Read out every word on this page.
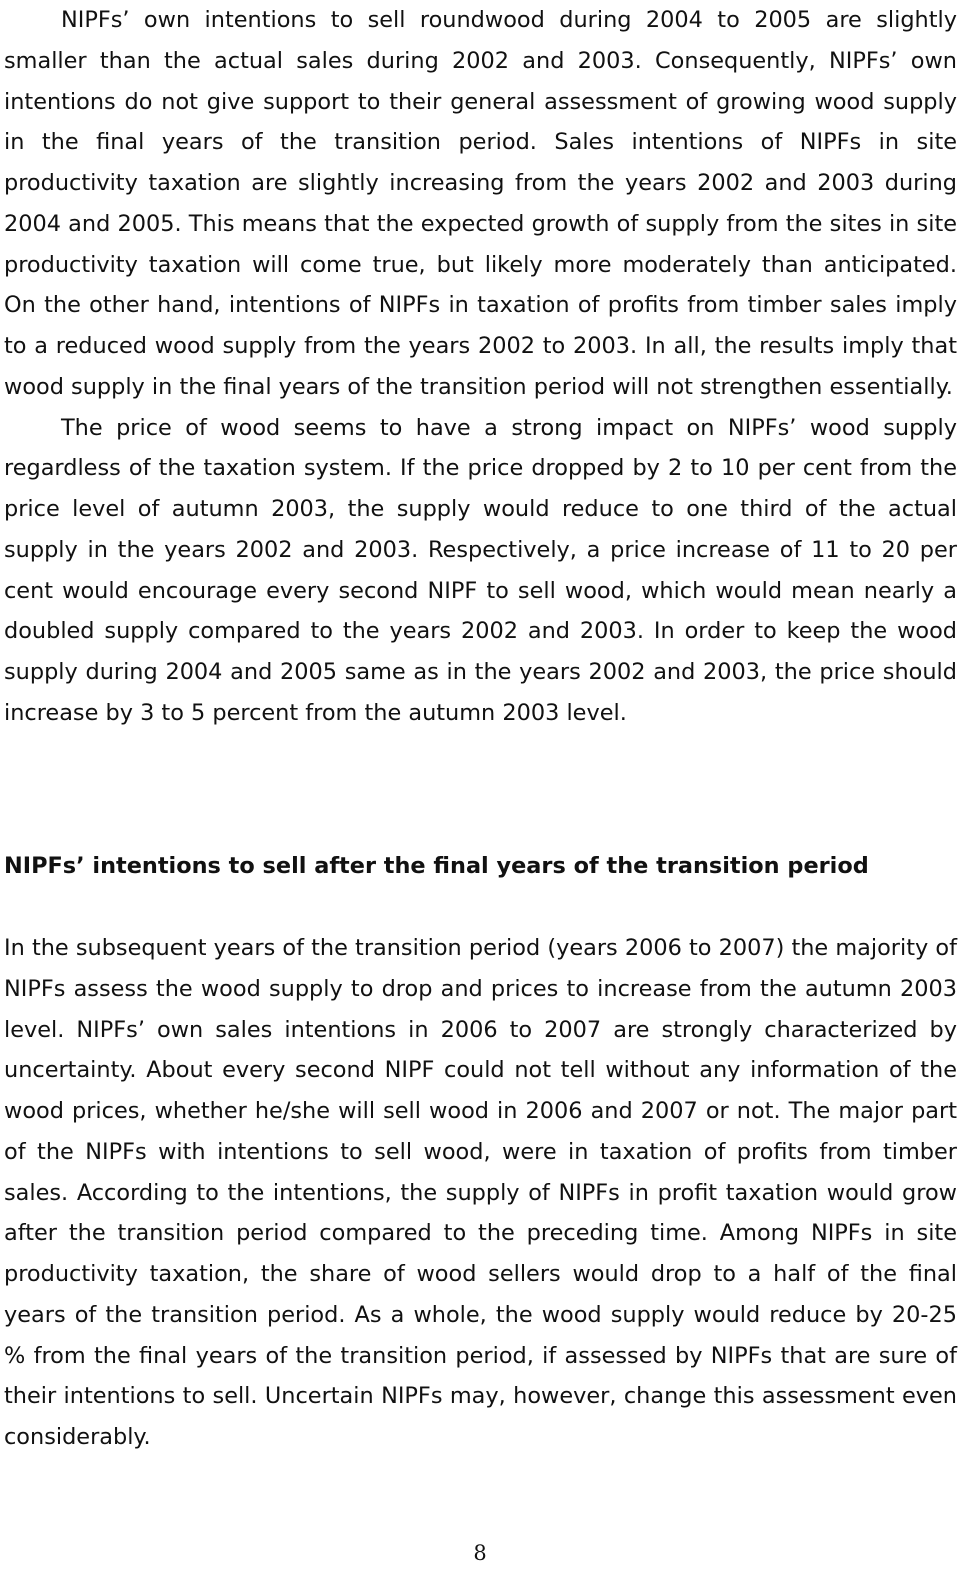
NIPFs’ own intentions to sell roundwood during 2004 to 2005 are slightly smaller than the actual sales during 2002 and 2003. Consequently, NIPFs’ own intentions do not give support to their general assessment of growing wood supply in the final years of the transition period. Sales intentions of NIPFs in site productivity taxation are slightly increasing from the years 2002 and 2003 during 2004 and 2005. This means that the expected growth of supply from the sites in site productivity taxation will come true, but likely more moderately than anticipated. On the other hand, intentions of NIPFs in taxation of profits from timber sales imply to a reduced wood supply from the years 2002 to 2003. In all, the results imply that wood supply in the final years of the transition period will not strengthen essentially.

The price of wood seems to have a strong impact on NIPFs’ wood supply regardless of the taxation system. If the price dropped by 2 to 10 per cent from the price level of autumn 2003, the supply would reduce to one third of the actual supply in the years 2002 and 2003. Respectively, a price increase of 11 to 20 per cent would encourage every second NIPF to sell wood, which would mean nearly a doubled supply compared to the years 2002 and 2003. In order to keep the wood supply during 2004 and 2005 same as in the years 2002 and 2003, the price should increase by 3 to 5 percent from the autumn 2003 level.

NIPFs’ intentions to sell after the final years of the transition period

In the subsequent years of the transition period (years 2006 to 2007) the majority of NIPFs assess the wood supply to drop and prices to increase from the autumn 2003 level. NIPFs’ own sales intentions in 2006 to 2007 are strongly characterized by uncertainty. About every second NIPF could not tell without any information of the wood prices, whether he/she will sell wood in 2006 and 2007 or not. The major part of the NIPFs with intentions to sell wood, were in taxation of profits from timber sales. According to the intentions, the supply of NIPFs in profit taxation would grow after the transition period compared to the preceding time. Among NIPFs in site productivity taxation, the share of wood sellers would drop to a half of the final years of the transition period. As a whole, the wood supply would reduce by 20-25 % from the final years of the transition period, if assessed by NIPFs that are sure of their intentions to sell. Uncertain NIPFs may, however, change this assessment even considerably.

8
